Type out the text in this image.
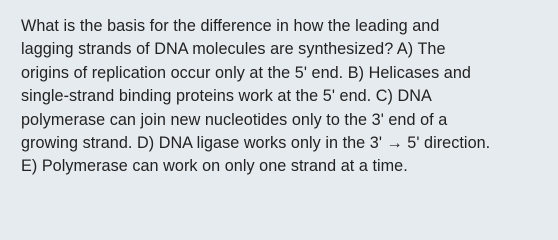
What is the basis for the difference in how the leading and
lagging strands of DNA molecules are synthesized? A) The
origins of replication occur only at the 5' end. B) Helicases and
single-strand binding proteins work at the 5' end. C) DNA
polymerase can join new nucleotides only to the 3' end of a
growing strand. D) DNA ligase works only in the 3' → 5' direction.
E) Polymerase can work on only one strand at a time.
